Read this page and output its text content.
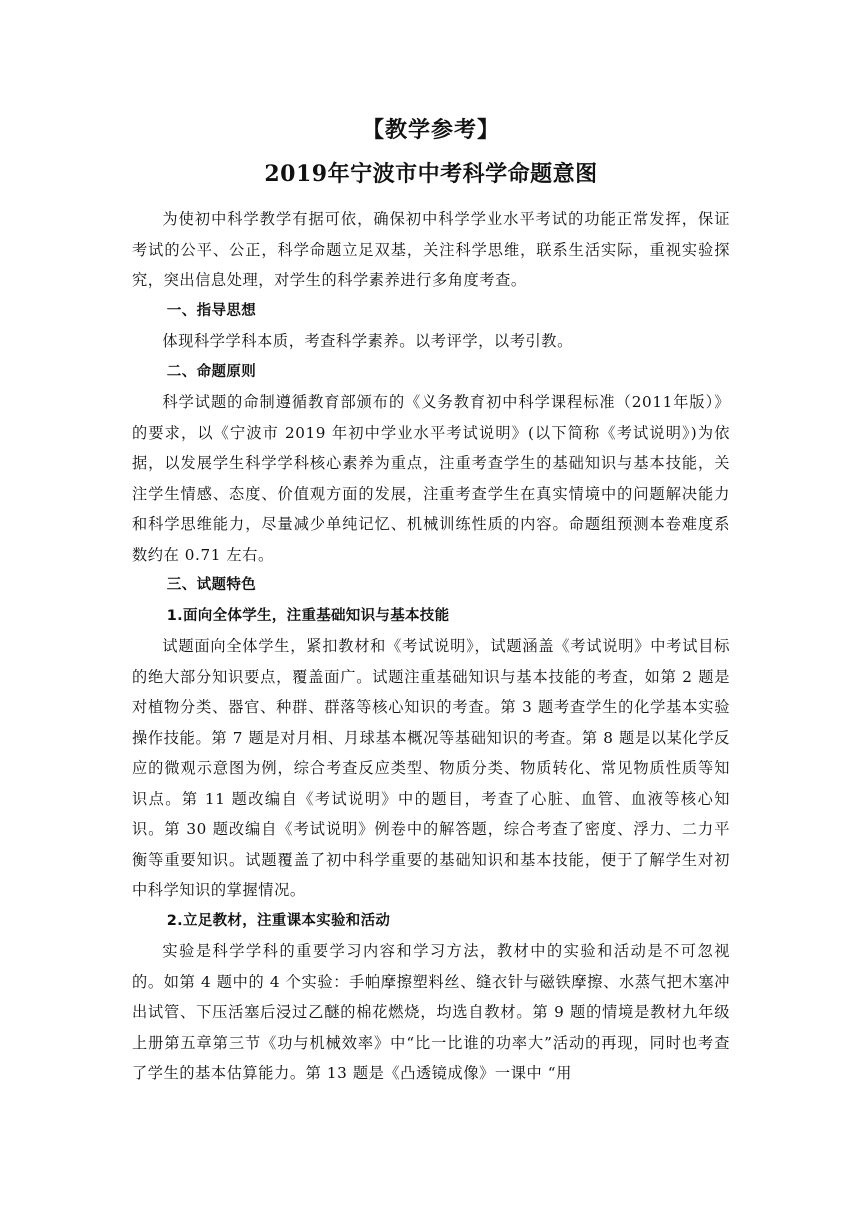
【教学参考】
2019年宁波市中考科学命题意图

为使初中科学教学有据可依，确保初中科学学业水平考试的功能正常发挥，保证考试的公平、公正，科学命题立足双基，关注科学思维，联系生活实际，重视实验探究，突出信息处理，对学生的科学素养进行多角度考查。

一、指导思想

体现科学学科本质，考查科学素养。以考评学，以考引教。

二、命题原则

科学试题的命制遵循教育部颁布的《义务教育初中科学课程标准（2011年版）》的要求，以《宁波市 2019 年初中学业水平考试说明》(以下简称《考试说明》)为依据，以发展学生科学学科核心素养为重点，注重考查学生的基础知识与基本技能，关注学生情感、态度、价值观方面的发展，注重考查学生在真实情境中的问题解决能力和科学思维能力，尽量减少单纯记忆、机械训练性质的内容。命题组预测本卷难度系数约在 0.71 左右。

三、试题特色

1.面向全体学生，注重基础知识与基本技能

试题面向全体学生，紧扣教材和《考试说明》，试题涵盖《考试说明》中考试目标的绝大部分知识要点，覆盖面广。试题注重基础知识与基本技能的考查，如第 2 题是对植物分类、器官、种群、群落等核心知识的考查。第 3 题考查学生的化学基本实验操作技能。第 7 题是对月相、月球基本概况等基础知识的考查。第 8 题是以某化学反应的微观示意图为例，综合考查反应类型、物质分类、物质转化、常见物质性质等知识点。第 11 题改编自《考试说明》中的题目，考查了心脏、血管、血液等核心知识。第 30 题改编自《考试说明》例卷中的解答题，综合考查了密度、浮力、二力平衡等重要知识。试题覆盖了初中科学重要的基础知识和基本技能，便于了解学生对初中科学知识的掌握情况。

2.立足教材，注重课本实验和活动

实验是科学学科的重要学习内容和学习方法，教材中的实验和活动是不可忽视的。如第 4 题中的 4 个实验：手帕摩擦塑料丝、缝衣针与磁铁摩擦、水蒸气把木塞冲出试管、下压活塞后浸过乙醚的棉花燃烧，均选自教材。第 9 题的情境是教材九年级上册第五章第三节《功与机械效率》中“比一比谁的功率大”活动的再现，同时也考查了学生的基本估算能力。第 13 题是《凸透镜成像》一课中 “用
